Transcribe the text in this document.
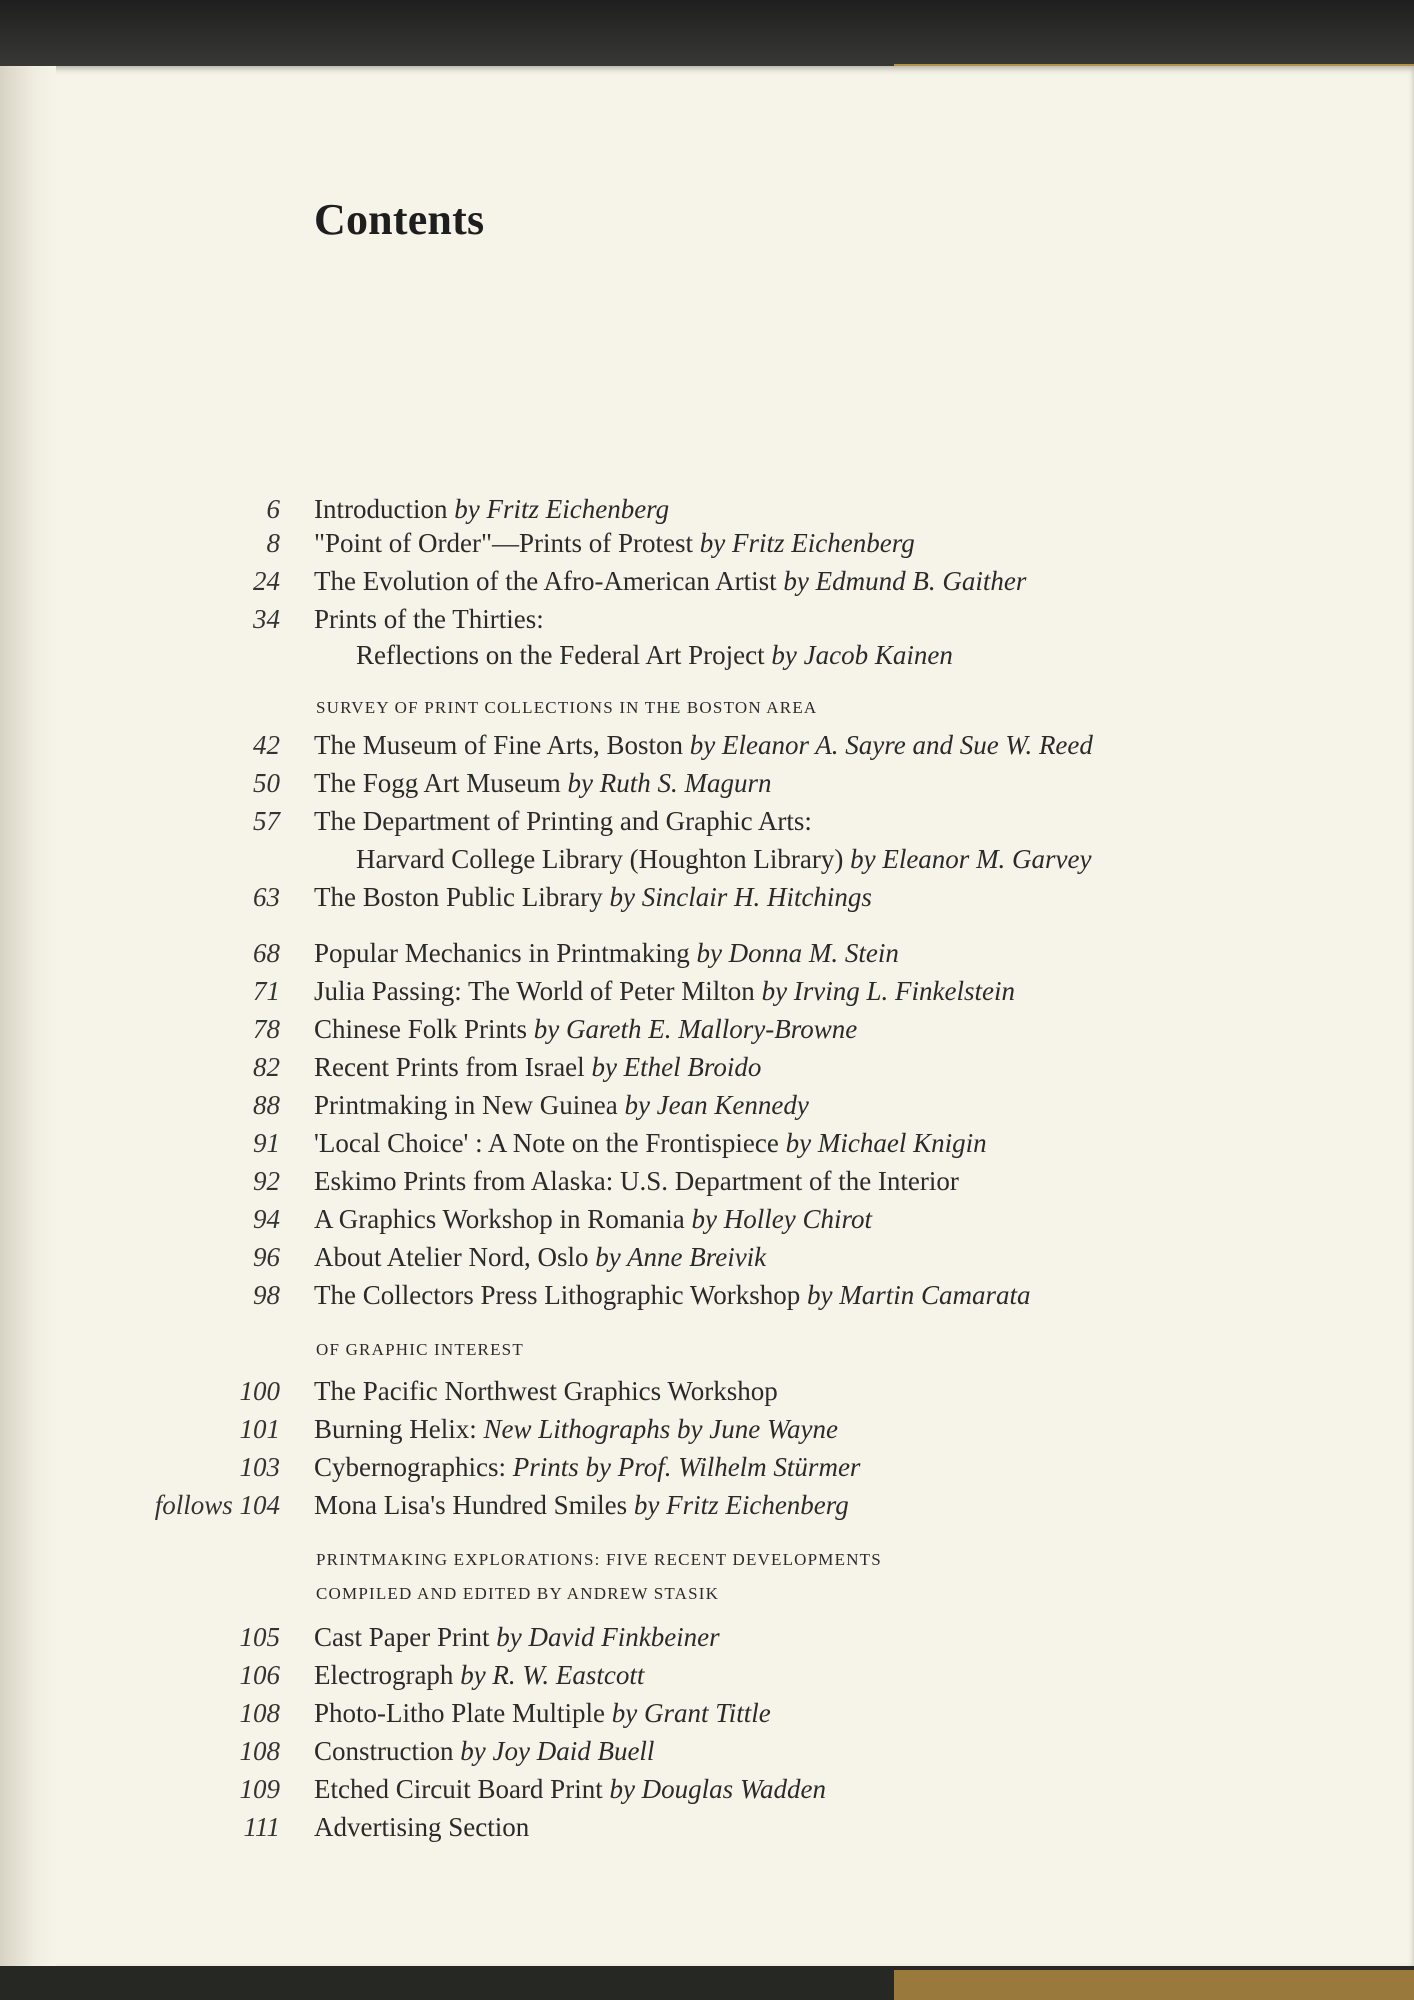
Contents
SURVEY OF PRINT COLLECTIONS IN THE BOSTON AREA
OF GRAPHIC INTEREST
PRINTMAKING EXPLORATIONS: FIVE RECENT DEVELOPMENTS
COMPILED AND EDITED BY ANDREW STASIK
6 Introduction by Fritz Eichenberg
8 "Point of Order"—Prints of Protest by Fritz Eichenberg
24 The Evolution of the Afro-American Artist by Edmund B. Gaither
34 Prints of the Thirties:
Reflections on the Federal Art Project by Jacob Kainen
42 The Museum of Fine Arts, Boston by Eleanor A. Sayre and Sue W. Reed
50 The Fogg Art Museum by Ruth S. Magurn
57 The Department of Printing and Graphic Arts:
Harvard College Library (Houghton Library) by Eleanor M. Garvey
63 The Boston Public Library by Sinclair H. Hitchings
68 Popular Mechanics in Printmaking by Donna M. Stein
71 Julia Passing: The World of Peter Milton by Irving L. Finkelstein
78 Chinese Folk Prints by Gareth E. Mallory-Browne
82 Recent Prints from Israel by Ethel Broido
88 Printmaking in New Guinea by Jean Kennedy
91 'Local Choice' : A Note on the Frontispiece by Michael Knigin
92 Eskimo Prints from Alaska: U.S. Department of the Interior
94 A Graphics Workshop in Romania by Holley Chirot
96 About Atelier Nord, Oslo by Anne Breivik
98 The Collectors Press Lithographic Workshop by Martin Camarata
100 The Pacific Northwest Graphics Workshop
101 Burning Helix: New Lithographs by June Wayne
103 Cybernographics: Prints by Prof. Wilhelm Stürmer
follows 104 Mona Lisa's Hundred Smiles by Fritz Eichenberg
105 Cast Paper Print by David Finkbeiner
106 Electrograph by R. W. Eastcott
108 Photo-Litho Plate Multiple by Grant Tittle
108 Construction by Joy Daid Buell
109 Etched Circuit Board Print by Douglas Wadden
111 Advertising Section
